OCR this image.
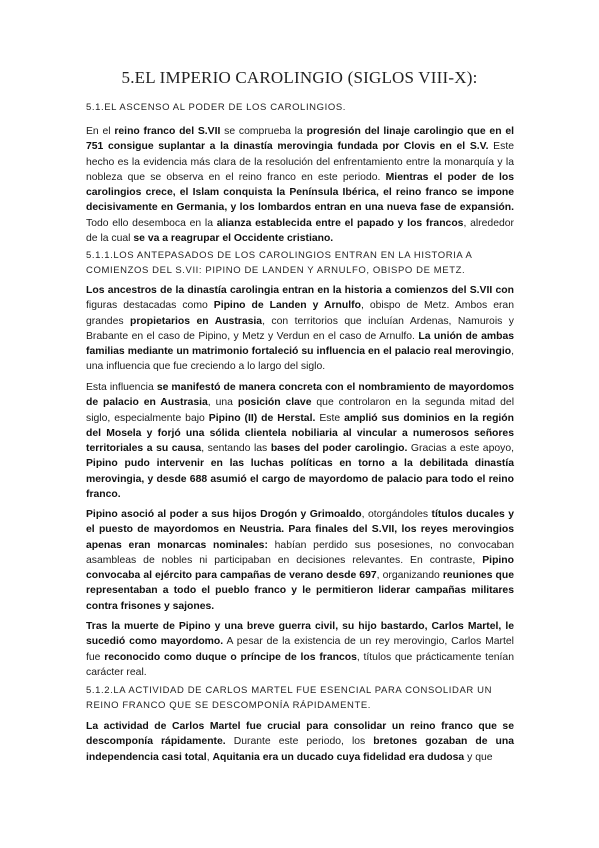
5.EL IMPERIO CAROLINGIO (SIGLOS VIII-X):
5.1.EL ASCENSO AL PODER DE LOS CAROLINGIOS.
En el reino franco del S.VII se comprueba la progresión del linaje carolingio que en el 751 consigue suplantar a la dinastía merovingia fundada por Clovis en el S.V. Este hecho es la evidencia más clara de la resolución del enfrentamiento entre la monarquía y la nobleza que se observa en el reino franco en este periodo. Mientras el poder de los carolingios crece, el Islam conquista la Península Ibérica, el reino franco se impone decisivamente en Germania, y los lombardos entran en una nueva fase de expansión. Todo ello desemboca en la alianza establecida entre el papado y los francos, alrededor de la cual se va a reagrupar el Occidente cristiano.
5.1.1.LOS ANTEPASADOS DE LOS CAROLINGIOS ENTRAN EN LA HISTORIA A COMIENZOS DEL S.VII: PIPINO DE LANDEN Y ARNULFO, OBISPO DE METZ.
Los ancestros de la dinastía carolingia entran en la historia a comienzos del S.VII con figuras destacadas como Pipino de Landen y Arnulfo, obispo de Metz. Ambos eran grandes propietarios en Austrasia, con territorios que incluían Ardenas, Namurois y Brabante en el caso de Pipino, y Metz y Verdun en el caso de Arnulfo. La unión de ambas familias mediante un matrimonio fortaleció su influencia en el palacio real merovingio, una influencia que fue creciendo a lo largo del siglo.
Esta influencia se manifestó de manera concreta con el nombramiento de mayordomos de palacio en Austrasia, una posición clave que controlaron en la segunda mitad del siglo, especialmente bajo Pipino (II) de Herstal. Este amplió sus dominios en la región del Mosela y forjó una sólida clientela nobiliaria al vincular a numerosos señores territoriales a su causa, sentando las bases del poder carolingio. Gracias a este apoyo, Pipino pudo intervenir en las luchas políticas en torno a la debilitada dinastía merovingia, y desde 688 asumió el cargo de mayordomo de palacio para todo el reino franco.
Pipino asoció al poder a sus hijos Drogón y Grimoaldo, otorgándoles títulos ducales y el puesto de mayordomos en Neustria. Para finales del S.VII, los reyes merovingios apenas eran monarcas nominales: habían perdido sus posesiones, no convocaban asambleas de nobles ni participaban en decisiones relevantes. En contraste, Pipino convocaba al ejército para campañas de verano desde 697, organizando reuniones que representaban a todo el pueblo franco y le permitieron liderar campañas militares contra frisones y sajones.
Tras la muerte de Pipino y una breve guerra civil, su hijo bastardo, Carlos Martel, le sucedió como mayordomo. A pesar de la existencia de un rey merovingio, Carlos Martel fue reconocido como duque o príncipe de los francos, títulos que prácticamente tenían carácter real.
5.1.2.LA ACTIVIDAD DE CARLOS MARTEL FUE ESENCIAL PARA CONSOLIDAR UN REINO FRANCO QUE SE DESCOMPONÍA RÁPIDAMENTE.
La actividad de Carlos Martel fue crucial para consolidar un reino franco que se descomponía rápidamente. Durante este periodo, los bretones gozaban de una independencia casi total, Aquitania era un ducado cuya fidelidad era dudosa y que
